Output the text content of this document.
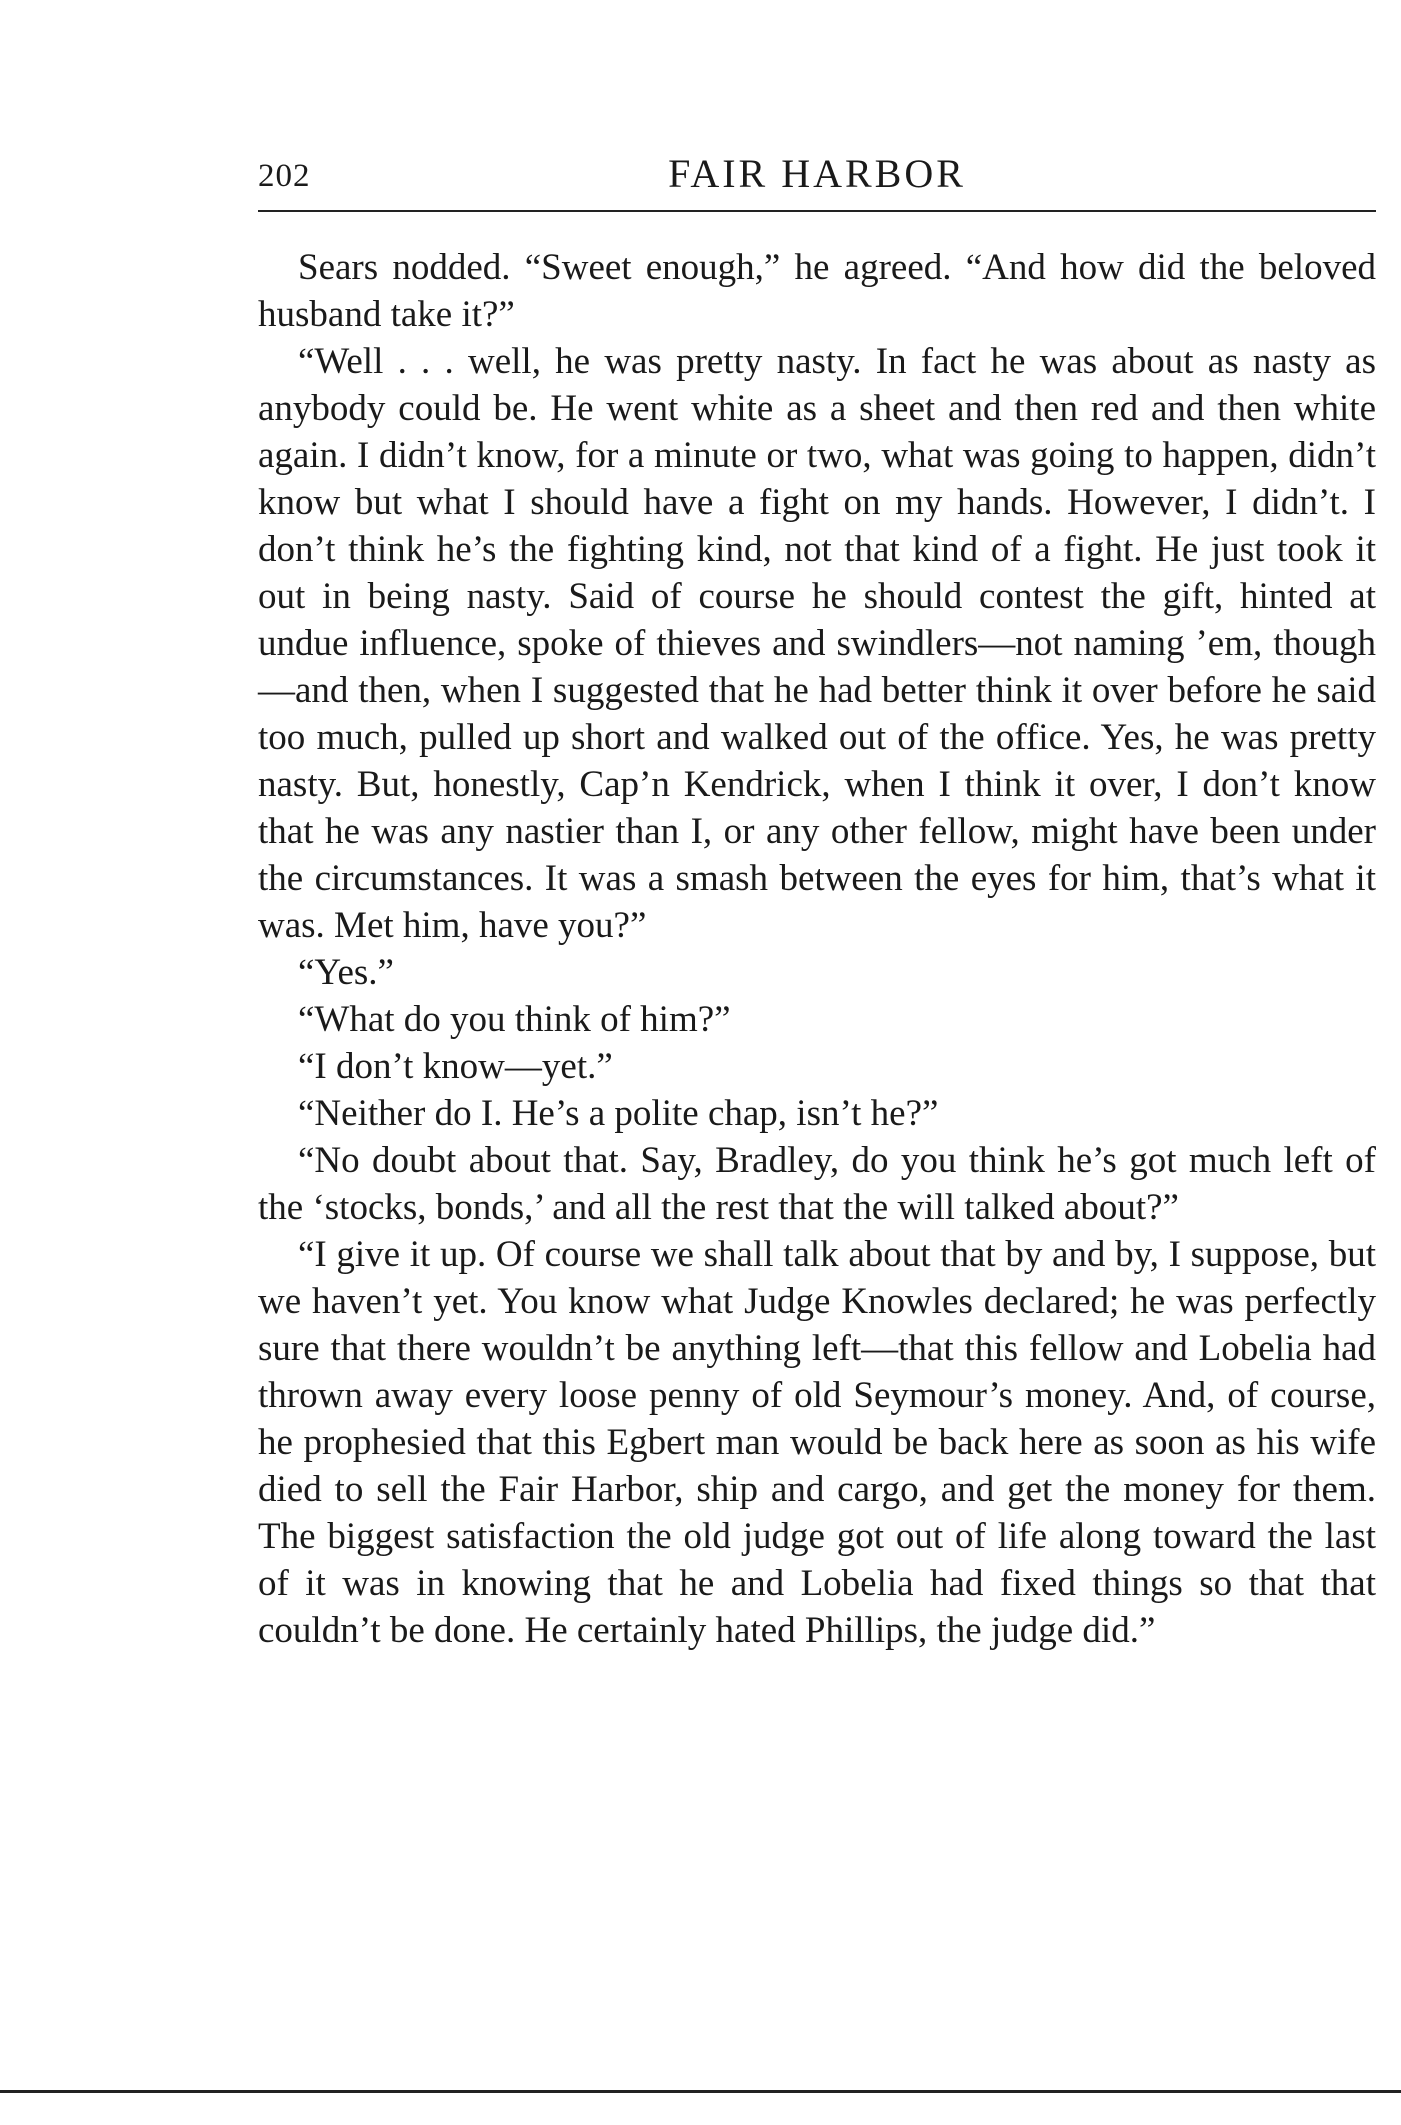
202	FAIR HARBOR

Sears nodded. “Sweet enough,” he agreed. “And how did the beloved husband take it?”

“Well . . . well, he was pretty nasty. In fact he was about as nasty as anybody could be. He went white as a sheet and then red and then white again. I didn’t know, for a minute or two, what was going to happen, didn’t know but what I should have a fight on my hands. However, I didn’t. I don’t think he’s the fighting kind, not that kind of a fight. He just took it out in being nasty. Said of course he should contest the gift, hinted at undue influence, spoke of thieves and swindlers—not naming ’em, though—and then, when I suggested that he had better think it over before he said too much, pulled up short and walked out of the office. Yes, he was pretty nasty. But, honestly, Cap’n Kendrick, when I think it over, I don’t know that he was any nastier than I, or any other fellow, might have been under the circumstances. It was a smash between the eyes for him, that’s what it was. Met him, have you?”

“Yes.”

“What do you think of him?”

“I don’t know—yet.”

“Neither do I. He’s a polite chap, isn’t he?”

“No doubt about that. Say, Bradley, do you think he’s got much left of the ‘stocks, bonds,’ and all the rest that the will talked about?”

“I give it up. Of course we shall talk about that by and by, I suppose, but we haven’t yet. You know what Judge Knowles declared; he was perfectly sure that there wouldn’t be anything left—that this fellow and Lobelia had thrown away every loose penny of old Seymour’s money. And, of course, he prophesied that this Egbert man would be back here as soon as his wife died to sell the Fair Harbor, ship and cargo, and get the money for them. The biggest satisfaction the old judge got out of life along toward the last of it was in knowing that he and Lobelia had fixed things so that that couldn’t be done. He certainly hated Phillips, the judge did.”
